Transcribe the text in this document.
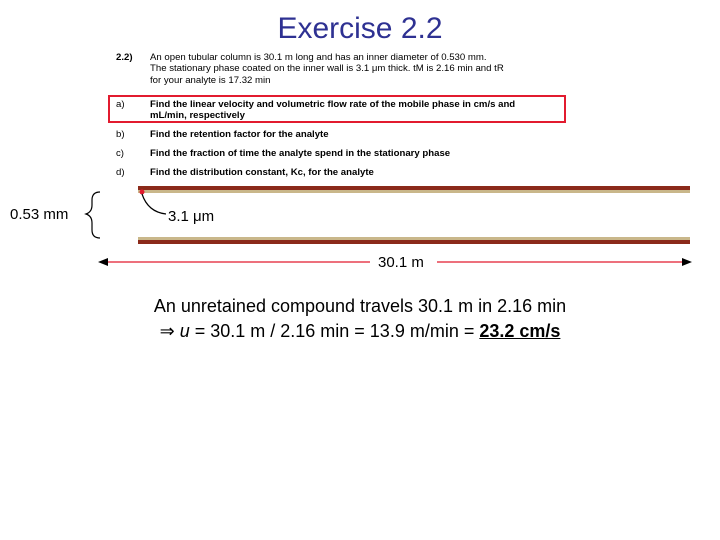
Exercise 2.2
2.2) An open tubular column is 30.1 m long and has an inner diameter of 0.530 mm.
The stationary phase coated on the inner wall is 3.1 μm thick. tM is 2.16 min and tR
for your analyte is 17.32 min
a)	Find the linear velocity and volumetric flow rate of the mobile phase in cm/s and
mL/min, respectively
b)	Find the retention factor for the analyte
c)	Find the fraction of time the analyte spend in the stationary phase
d)	Find the distribution constant, Kc, for the analyte
0.53 mm	3.1 μm
30.1 m
An unretained compound travels 30.1 m in 2.16 min
⇒ u = 30.1 m / 2.16 min = 13.9 m/min = 23.2 cm/s
